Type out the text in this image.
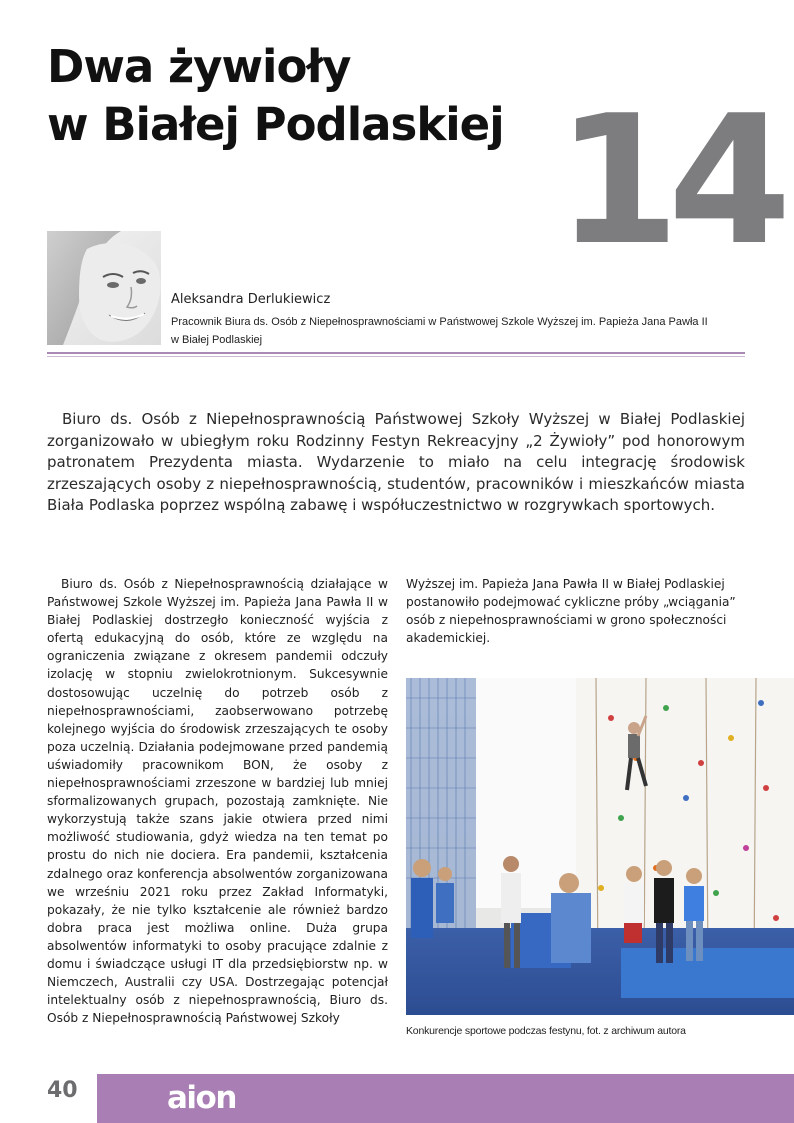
Dwa żywioły
w Białej Podlaskiej 14
Aleksandra Derlukiewicz
Pracownik Biura ds. Osób z Niepełnosprawnościami w Państwowej Szkole Wyższej im. Papieża Jana Pawła II
w Białej Podlaskiej

Biuro ds. Osób z Niepełnosprawnością Państwowej Szkoły Wyższej w Białej Podlaskiej zorganizowało w ubiegłym roku Rodzinny Festyn Rekreacyjny „2 Żywioły” pod honorowym patronatem Prezydenta miasta. Wydarzenie to miało na celu integrację środowisk zrzeszających osoby z niepełnosprawnością, studentów, pracowników i mieszkańców miasta Biała Podlaska poprzez wspólną zabawę i współuczestnictwo w rozgrywkach sportowych.

Biuro ds. Osób z Niepełnosprawnością działające w Państwowej Szkole Wyższej im. Papieża Jana Pawła II w Białej Podlaskiej dostrzegło konieczność wyjścia z ofertą edukacyjną do osób, które ze względu na ograniczenia związane z okresem pandemii odczuły izolację w stopniu zwielokrotnionym. Sukcesywnie dostosowując uczelnię do potrzeb osób z niepełnosprawnościami, zaobserwowano potrzebę kolejnego wyjścia do środowisk zrzeszających te osoby poza uczelnią. Działania podejmowane przed pandemią uświadomiły pracownikom BON, że osoby z niepełnosprawnościami zrzeszone w bardziej lub mniej sformalizowanych grupach, pozostają zamknięte. Nie wykorzystują także szans jakie otwiera przed nimi możliwość studiowania, gdyż wiedza na ten temat po prostu do nich nie dociera. Era pandemii, kształcenia zdalnego oraz konferencja absolwentów zorganizowana we wrześniu 2021 roku przez Zakład Informatyki, pokazały, że nie tylko kształcenie ale również bardzo dobra praca jest możliwa online. Duża grupa absolwentów informatyki to osoby pracujące zdalnie z domu i świadczące usługi IT dla przedsiębiorstw np. w Niemczech, Australii czy USA. Dostrzegając potencjał intelektualny osób z niepełnosprawnością, Biuro ds. Osób z Niepełnosprawnością Państwowej Szkoły

Wyższej im. Papieża Jana Pawła II w Białej Podlaskiej postanowiło podejmować cykliczne próby „wciągania” osób z niepełnosprawnościami w grono społeczności akademickiej.

Konkurencje sportowe podczas festynu, fot. z archiwum autora
40	aion
